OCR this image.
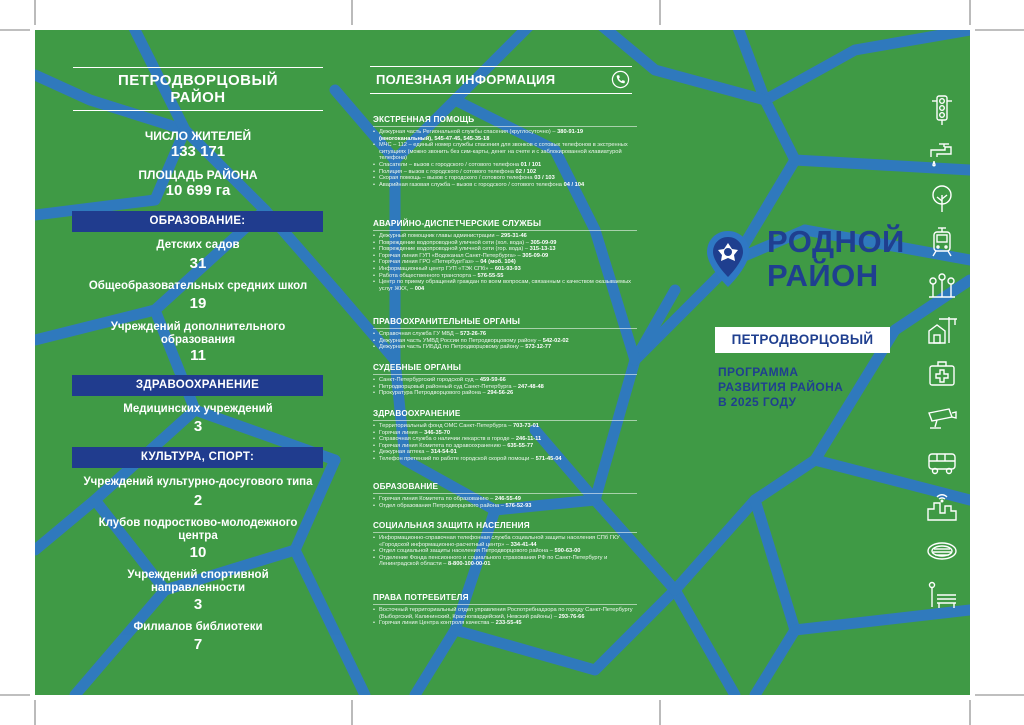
ПЕТРОДВОРЦОВЫЙ
РАЙОН
ЧИСЛО ЖИТЕЛЕЙ
133 171
ПЛОЩАДЬ РАЙОНА
10 699 га
ОБРАЗОВАНИЕ:
Детских садов
31
Общеобразовательных средних школ
19
Учреждений дополнительного образования
11
ЗДРАВООХРАНЕНИЕ
Медицинских учреждений
3
КУЛЬТУРА, СПОРТ:
Учреждений культурно-досугового типа
2
Клубов подростково-молодежного центра
10
Учреждений спортивной направленности
3
Филиалов библиотеки
7
ПОЛЕЗНАЯ ИНФОРМАЦИЯ
ЭКСТРЕННАЯ ПОМОЩЬ
• Дежурная часть Региональной службы спасения (круглосуточно) – 380-91-19 (многоканальный), 545-47-45, 545-35-18
• МЧС – 112 – единый номер службы спасения для звонков с сотовых телефонов в экстренных ситуациях (можно звонить без сим-карты, денег на счете и с заблокированной клавиатурой телефона)
• Спасатели – вызов с городского / сотового телефона 01 / 101
• Полиция – вызов с городского / сотового телефона 02 / 102
• Скорая помощь – вызов с городского / сотового телефона 03 / 103
• Аварийная газовая служба – вызов с городского / сотового телефона 04 / 104
АВАРИЙНО-ДИСПЕТЧЕРСКИЕ СЛУЖБЫ
• Дежурный помощник главы администрации – 295-31-46
• Повреждение водопроводной уличной сети (хол. вода) – 305-09-09
• Повреждение водопроводной уличной сети (гор. вода) – 315-13-13
• Горячая линия ГУП «Водоканал Санкт-Петербурга» – 305-09-09
• Горячая линия ГРО «ПетербургГаз» – 04 (моб. 104)
• Информационный центр ГУП «ТЭК СПб» – 601-93-93
• Работа общественного транспорта – 576-55-55
• Центр по приему обращений граждан по всем вопросам, связанным с качеством оказываемых услуг ЖКХ, – 004
ПРАВООХРАНИТЕЛЬНЫЕ ОРГАНЫ
• Справочная служба ГУ МВД – 573-26-76
• Дежурная часть УМВД России по Петродворцовому району – 542-02-02
• Дежурная часть ГИБДД по Петродворцовому району – 573-12-77
СУДЕБНЫЕ ОРГАНЫ
• Санкт-Петербургский городской суд – 459-59-66
• Петродворцовый районный суд Санкт-Петербурга – 247-48-48
• Прокуратура Петродворцового района – 294-56-26
ЗДРАВООХРАНЕНИЕ
• Территориальный фонд ОМС Санкт-Петербурга – 703-73-01
• Горячая линия – 346-35-70
• Справочная служба о наличии лекарств в городе – 246-11-11
• Горячая линия Комитета по здравоохранению – 635-55-77
• Дежурная аптека – 314-54-01
• Телефон претензий по работе городской скорой помощи – 571-45-04
ОБРАЗОВАНИЕ
• Горячая линия Комитета по образованию – 246-55-49
• Отдел образования Петродворцового района – 576-52-93
СОЦИАЛЬНАЯ ЗАЩИТА НАСЕЛЕНИЯ
• Информационно-справочная телефонная служба социальной защиты населения СПб ГКУ «Городской информационно-расчетный центр» – 334-41-44
• Отдел социальной защиты населения Петродворцового района – 590-63-00
• Отделение Фонда пенсионного и социального страхования РФ по Санкт-Петербургу и Ленинградской области – 8-800-100-00-01
ПРАВА ПОТРЕБИТЕЛЯ
• Восточный территориальный отдел управления Роспотребнадзора по городу Санкт-Петербургу (Выборгский, Калининский, Красногвардейский, Невский районы) – 293-76-66
• Горячая линия Центра контроля качества – 233-55-45
РОДНОЙ
РАЙОН
ПЕТРОДВОРЦОВЫЙ
ПРОГРАММА
РАЗВИТИЯ РАЙОНА
В 2025 ГОДУ
